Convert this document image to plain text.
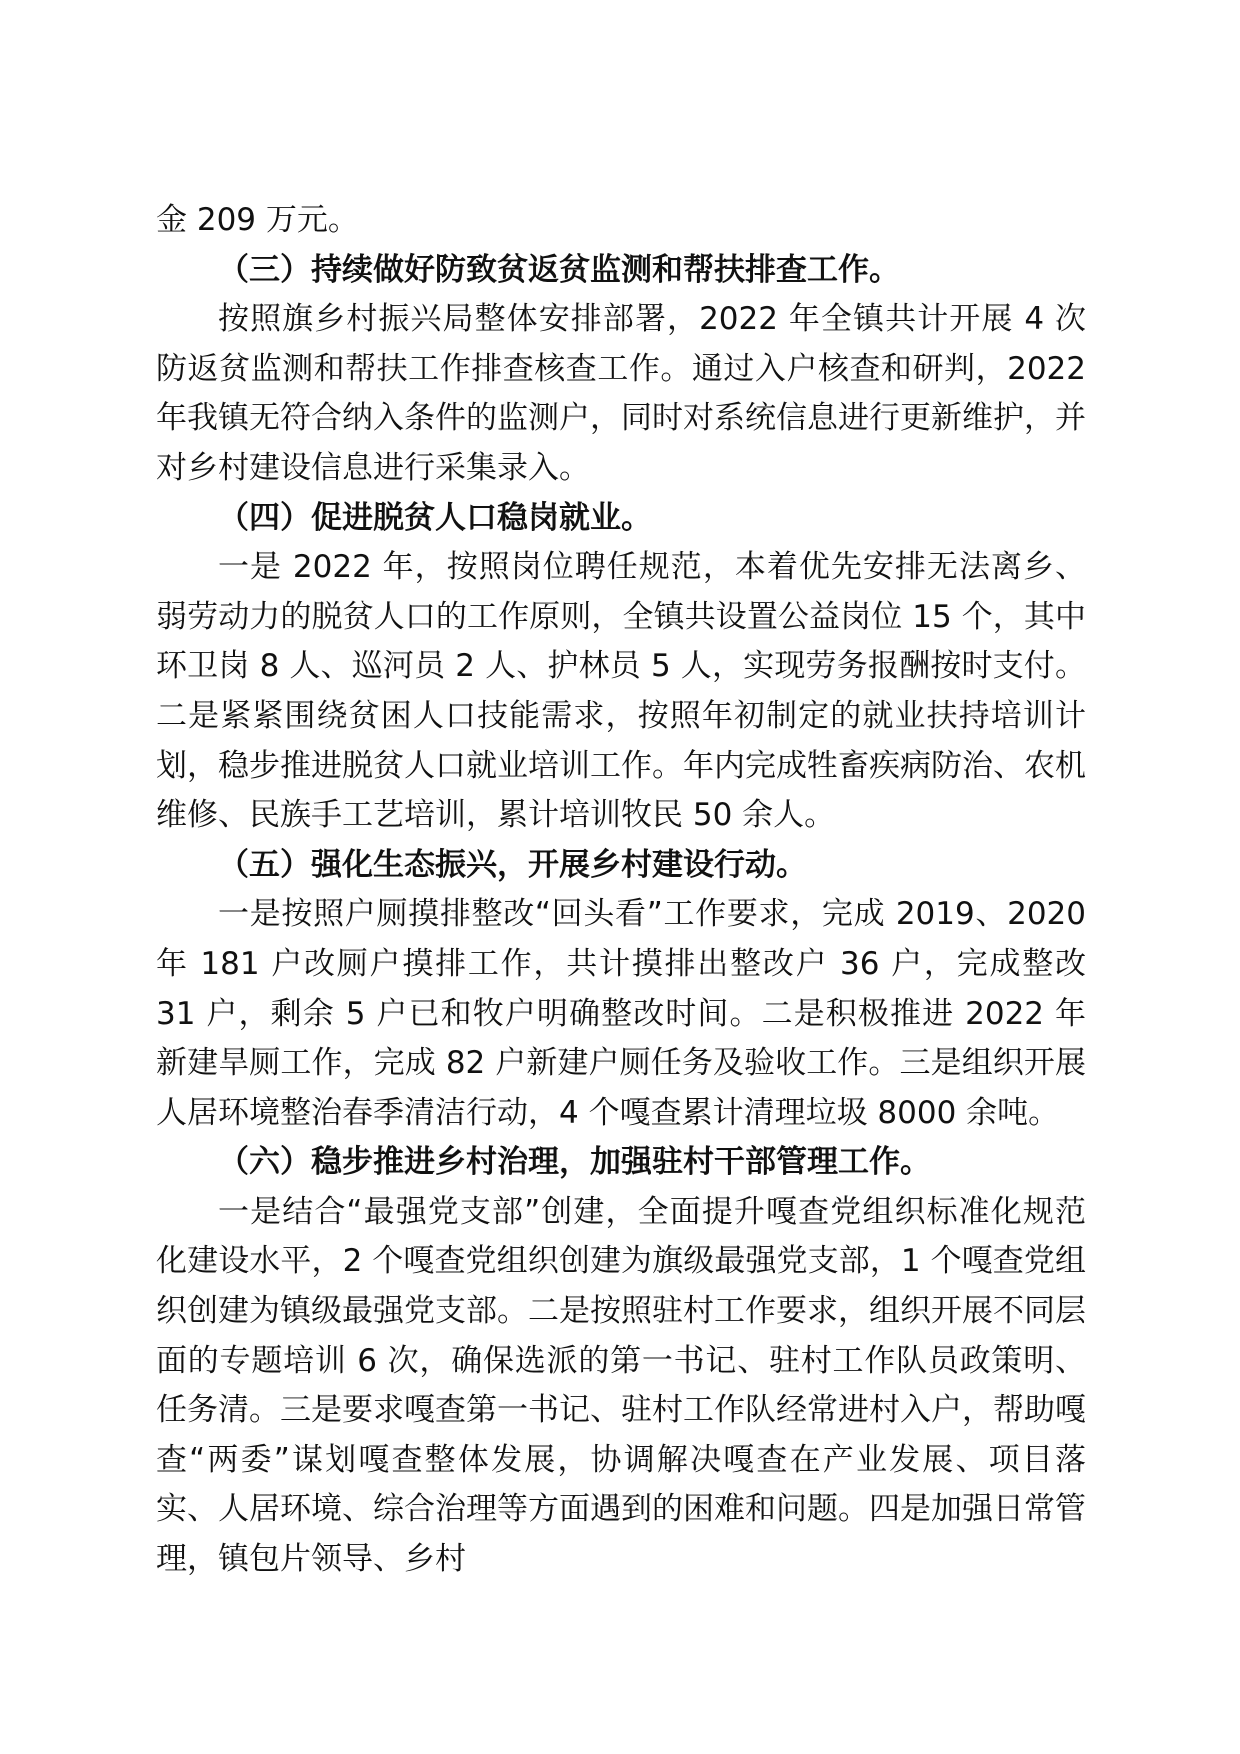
金 209 万元。

（三）持续做好防致贫返贫监测和帮扶排查工作。

按照旗乡村振兴局整体安排部署，2022 年全镇共计开展 4 次防返贫监测和帮扶工作排查核查工作。通过入户核查和研判，2022 年我镇无符合纳入条件的监测户，同时对系统信息进行更新维护，并对乡村建设信息进行采集录入。

（四）促进脱贫人口稳岗就业。

一是 2022 年，按照岗位聘任规范，本着优先安排无法离乡、弱劳动力的脱贫人口的工作原则，全镇共设置公益岗位 15 个，其中环卫岗 8 人、巡河员 2 人、护林员 5 人，实现劳务报酬按时支付。二是紧紧围绕贫困人口技能需求，按照年初制定的就业扶持培训计划，稳步推进脱贫人口就业培训工作。年内完成牲畜疾病防治、农机维修、民族手工艺培训，累计培训牧民 50 余人。

（五）强化生态振兴，开展乡村建设行动。

一是按照户厕摸排整改“回头看”工作要求，完成 2019、2020 年 181 户改厕户摸排工作，共计摸排出整改户 36 户，完成整改 31 户，剩余 5 户已和牧户明确整改时间。二是积极推进 2022 年新建旱厕工作，完成 82 户新建户厕任务及验收工作。三是组织开展人居环境整治春季清洁行动，4 个嘎查累计清理垃圾 8000 余吨。

（六）稳步推进乡村治理，加强驻村干部管理工作。

一是结合“最强党支部”创建，全面提升嘎查党组织标准化规范化建设水平，2 个嘎查党组织创建为旗级最强党支部，1 个嘎查党组织创建为镇级最强党支部。二是按照驻村工作要求，组织开展不同层面的专题培训 6 次，确保选派的第一书记、驻村工作队员政策明、任务清。三是要求嘎查第一书记、驻村工作队经常进村入户，帮助嘎查“两委”谋划嘎查整体发展，协调解决嘎查在产业发展、项目落实、人居环境、综合治理等方面遇到的困难和问题。四是加强日常管理，镇包片领导、乡村
